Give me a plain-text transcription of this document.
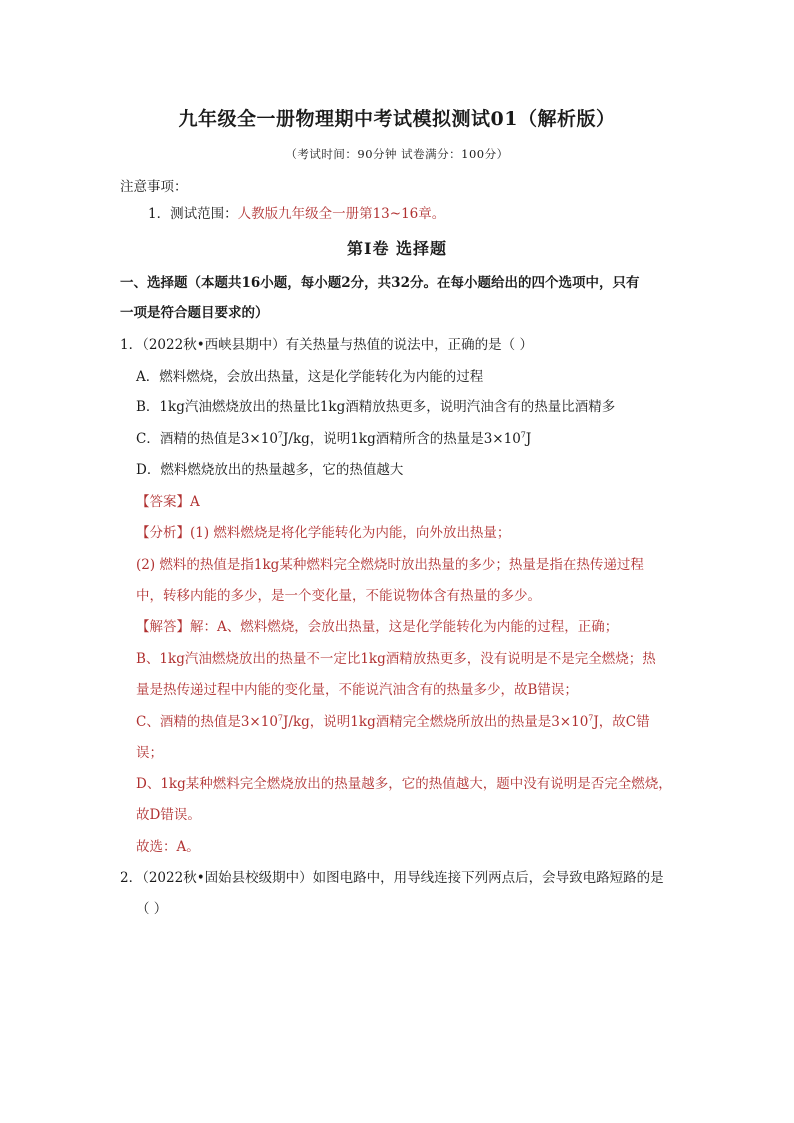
九年级全一册物理期中考试模拟测试01（解析版）
（考试时间：90分钟 试卷满分：100分）
注意事项：
1．测试范围：人教版九年级全一册第13~16章。
第Ⅰ卷 选择题
一、选择题（本题共16小题，每小题2分，共32分。在每小题给出的四个选项中，只有
一项是符合题目要求的）
1．（2022秋•西峡县期中）有关热量与热值的说法中，正确的是（ ）
A．燃料燃烧，会放出热量，这是化学能转化为内能的过程
B．1kg汽油燃烧放出的热量比1kg酒精放热更多，说明汽油含有的热量比酒精多
C．酒精的热值是$3\times 10^7J/kg$，说明1kg酒精所含的热量是$3\times 10^7J$
D．燃料燃烧放出的热量越多，它的热值越大
【答案】A
【分析】(1) 燃料燃烧是将化学能转化为内能，向外放出热量；
(2) 燃料的热值是指1kg某种燃料完全燃烧时放出热量的多少；热量是指在热传递过程
中，转移内能的多少，是一个变化量，不能说物体含有热量的多少。
【解答】解：A、燃料燃烧，会放出热量，这是化学能转化为内能的过程，正确；
B、1kg汽油燃烧放出的热量不一定比1kg酒精放热更多，没有说明是不是完全燃烧；热
量是热传递过程中内能的变化量，不能说汽油含有的热量多少，故B错误；
C、酒精的热值是$3\times 10^7J/kg$，说明1kg酒精完全燃烧所放出的热量是$3\times 10^7J$，故C错
误；
D、1kg某种燃料完全燃烧放出的热量越多，它的热值越大，题中没有说明是否完全燃烧，
故D错误。
故选：A。
2．（2022秋•固始县校级期中）如图电路中，用导线连接下列两点后，会导致电路短路的是
（ ）
